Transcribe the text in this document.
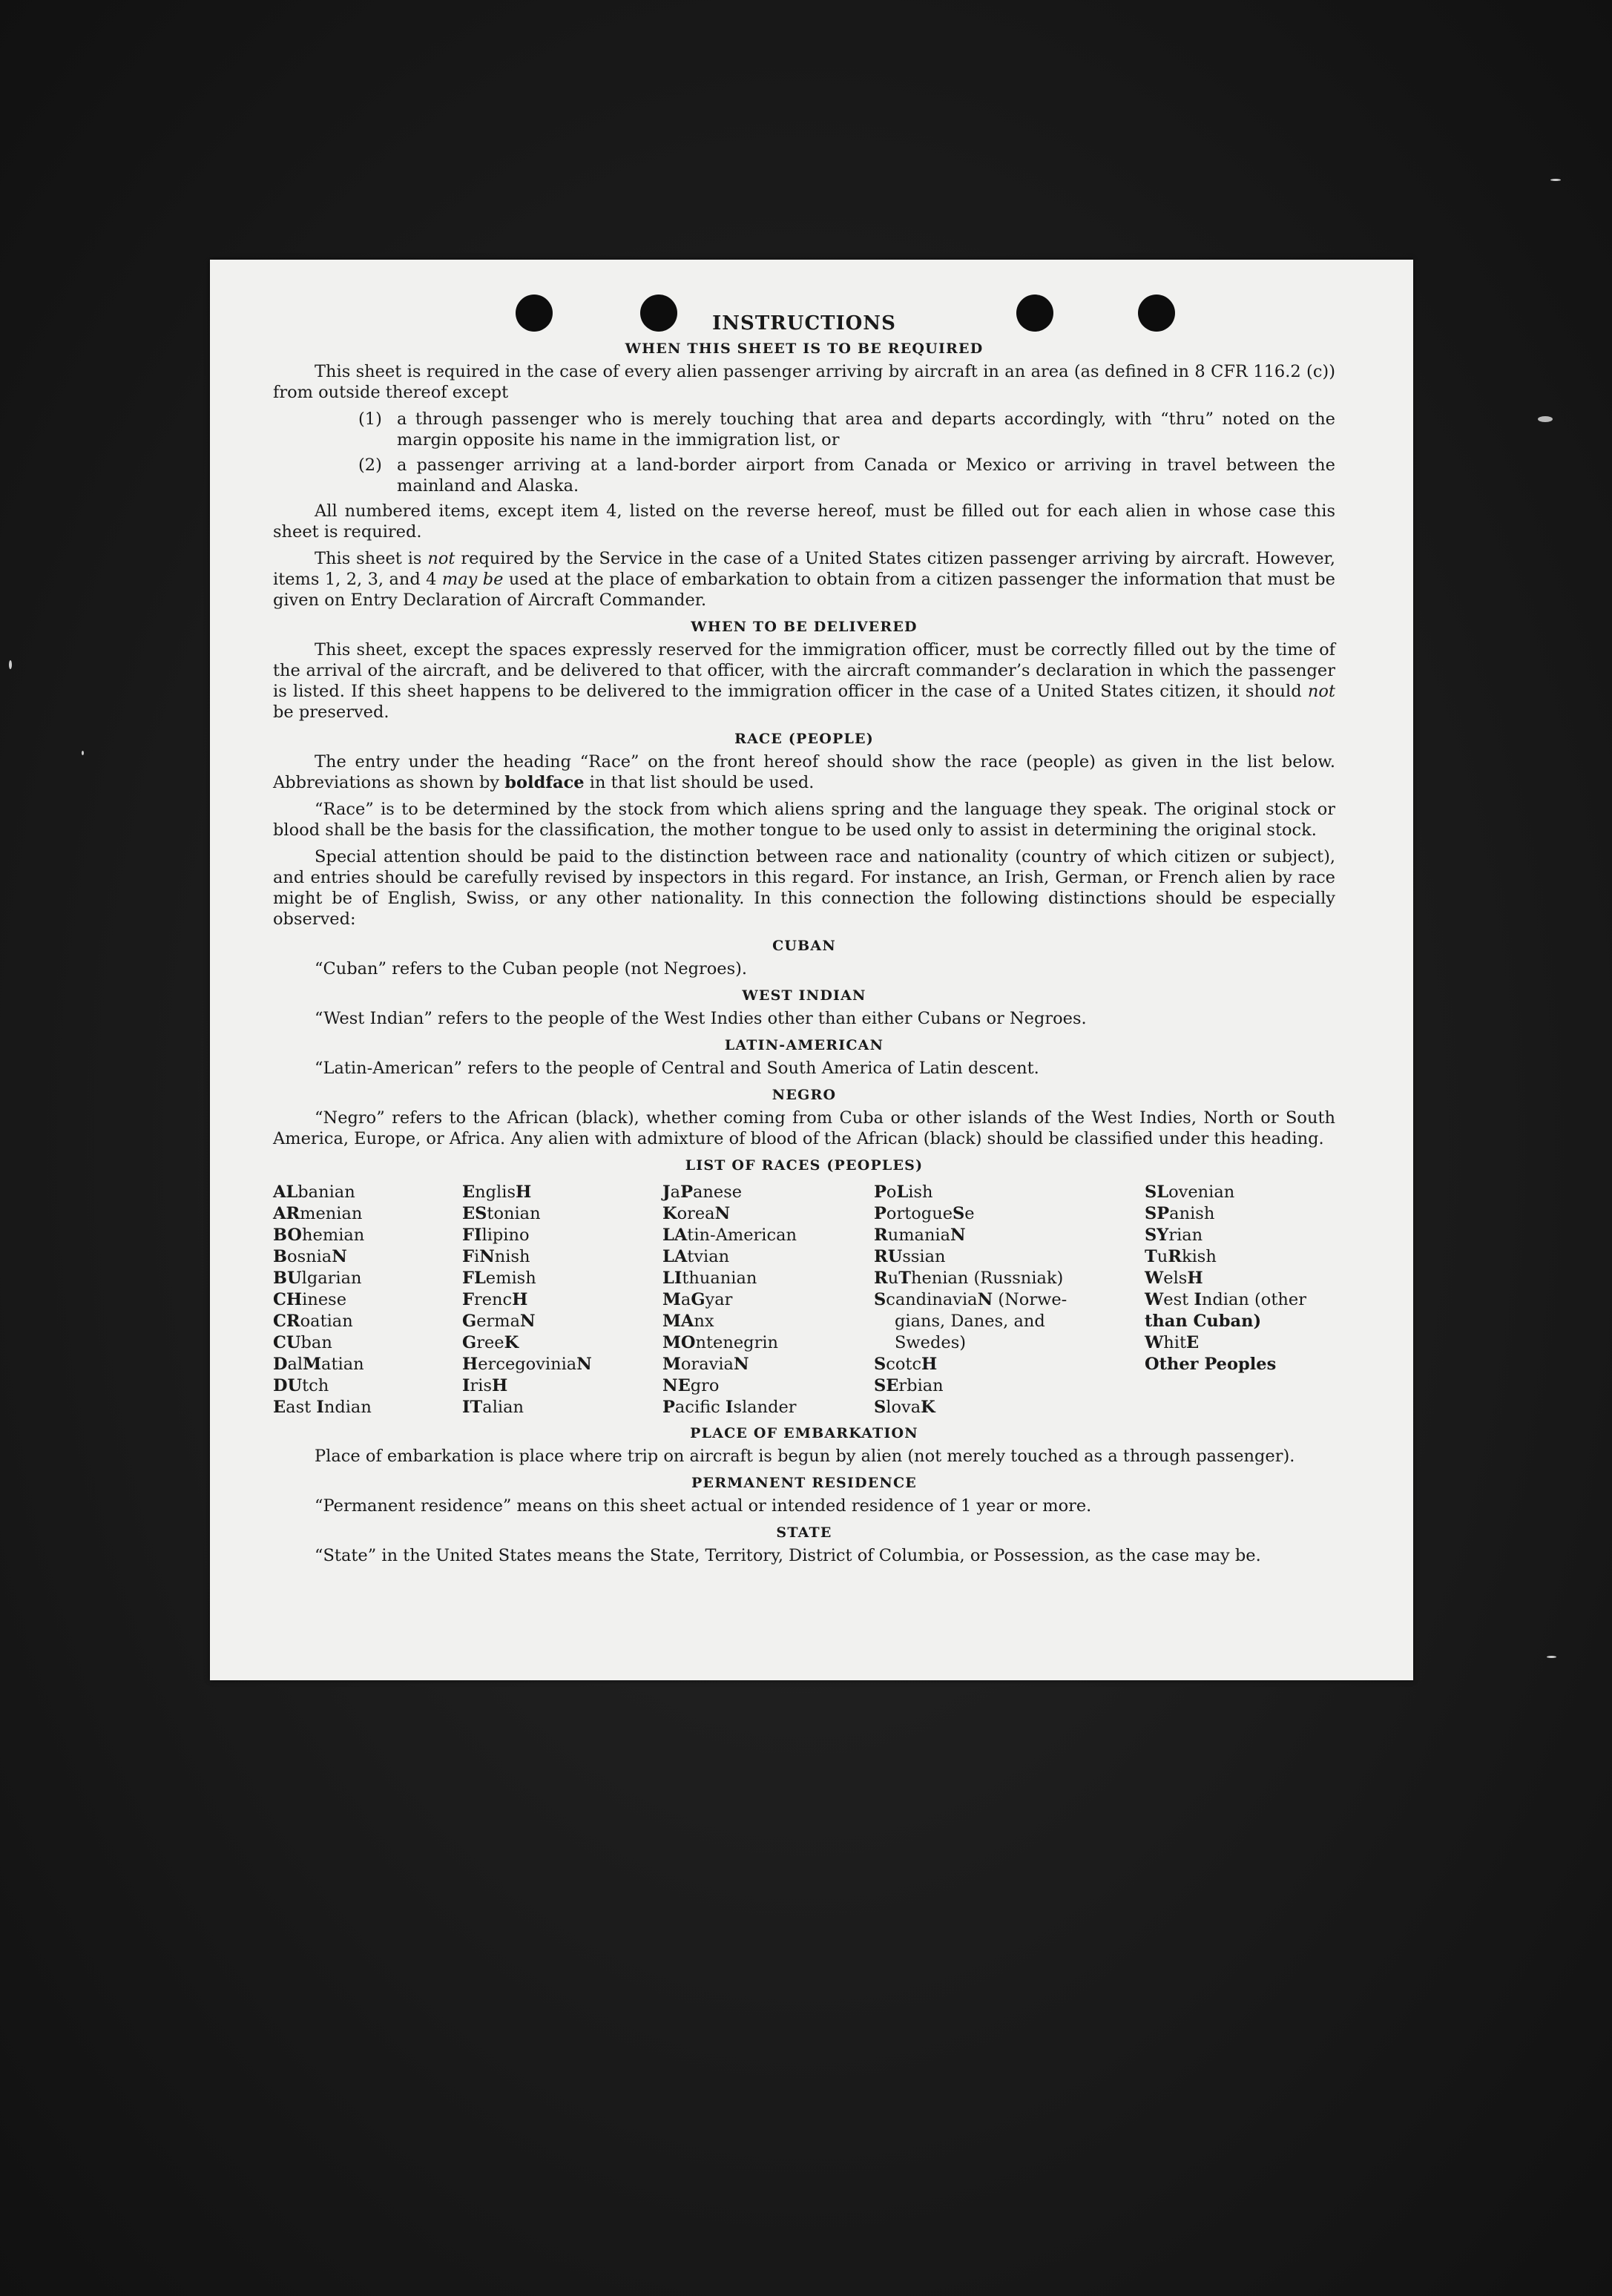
INSTRUCTIONS
WHEN THIS SHEET IS TO BE REQUIRED
This sheet is required in the case of every alien passenger arriving by aircraft in an area (as defined in 8 CFR 116.2 (c)) from outside thereof except
(1) a through passenger who is merely touching that area and departs accordingly, with “thru” noted on the margin opposite his name in the immigration list, or
(2) a passenger arriving at a land-border airport from Canada or Mexico or arriving in travel between the mainland and Alaska.
All numbered items, except item 4, listed on the reverse hereof, must be filled out for each alien in whose case this sheet is required.
This sheet is not required by the Service in the case of a United States citizen passenger arriving by aircraft. However, items 1, 2, 3, and 4 may be used at the place of embarkation to obtain from a citizen passenger the information that must be given on Entry Declaration of Aircraft Commander.
WHEN TO BE DELIVERED
This sheet, except the spaces expressly reserved for the immigration officer, must be correctly filled out by the time of the arrival of the aircraft, and be delivered to that officer, with the aircraft commander’s declaration in which the passenger is listed. If this sheet happens to be delivered to the immigration officer in the case of a United States citizen, it should not be preserved.
RACE (PEOPLE)
The entry under the heading “Race” on the front hereof should show the race (people) as given in the list below. Abbreviations as shown by boldface in that list should be used.
“Race” is to be determined by the stock from which aliens spring and the language they speak. The original stock or blood shall be the basis for the classification, the mother tongue to be used only to assist in determining the original stock.
Special attention should be paid to the distinction between race and nationality (country of which citizen or subject), and entries should be carefully revised by inspectors in this regard. For instance, an Irish, German, or French alien by race might be of English, Swiss, or any other nationality. In this connection the following distinctions should be especially observed:
CUBAN
“Cuban” refers to the Cuban people (not Negroes).
WEST INDIAN
“West Indian” refers to the people of the West Indies other than either Cubans or Negroes.
LATIN-AMERICAN
“Latin-American” refers to the people of Central and South America of Latin descent.
NEGRO
“Negro” refers to the African (black), whether coming from Cuba or other islands of the West Indies, North or South America, Europe, or Africa. Any alien with admixture of blood of the African (black) should be classified under this heading.
LIST OF RACES (PEOPLES)
ALbanian
ARmenian
BOhemian
BosniaN
BUlgarian
CHinese
CRoatian
CUban
DalMatian
DUtch
East Indian
EnglisH
EStonian
FIlipino
FiNnish
FLemish
FrencH
GermaN
GreeK
HercegoviniaN
IrisH
ITalian
JaPanese
KoreaN
LAtin-American
LAtvian
LIthuanian
MaGyar
MAnx
MOntenegrin
MoraviaN
NEgro
Pacific Islander
PoLish
PortogueSe
RumaniaN
RUssian
RuThenian (Russniak)
ScandinaviaN (Norwe-
gians, Danes, and
Swedes)
ScotcH
SErbian
SlovaK
SLovenian
SPanish
SYrian
TuRkish
WelsH
West Indian (other
than Cuban)
WhitE
Other Peoples
PLACE OF EMBARKATION
Place of embarkation is place where trip on aircraft is begun by alien (not merely touched as a through passenger).
PERMANENT RESIDENCE
“Permanent residence” means on this sheet actual or intended residence of 1 year or more.
STATE
“State” in the United States means the State, Territory, District of Columbia, or Possession, as the case may be.
